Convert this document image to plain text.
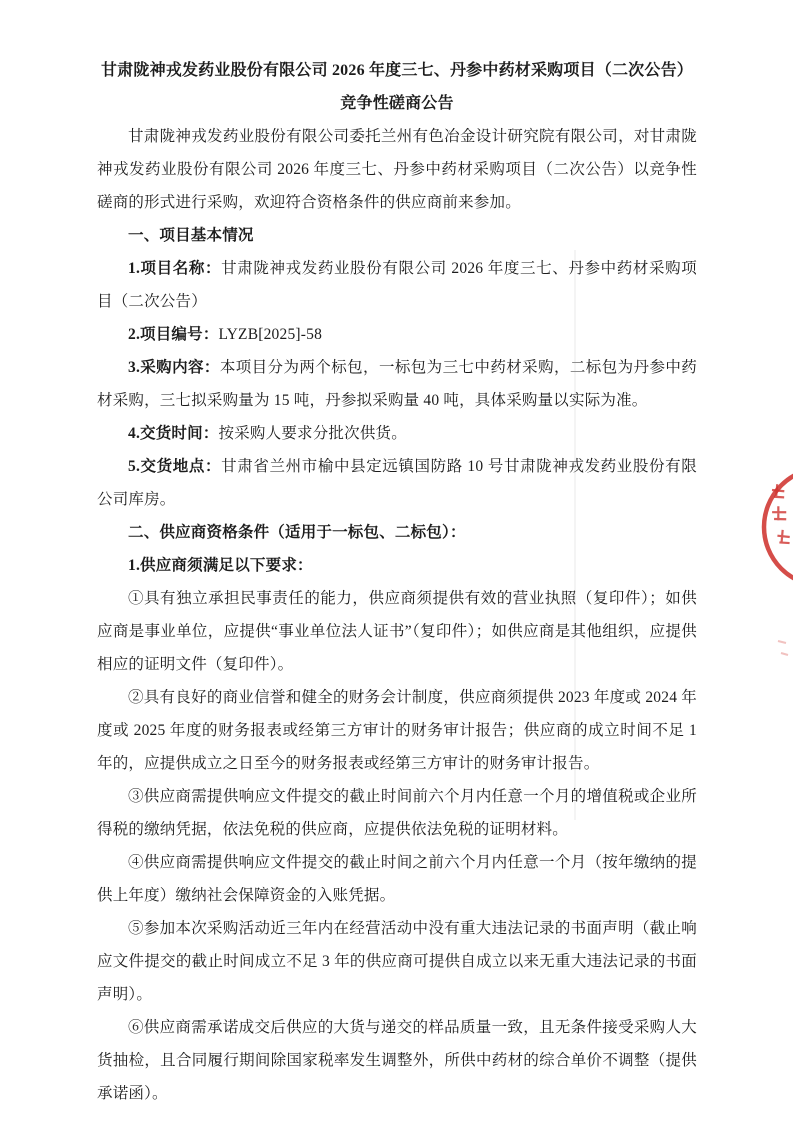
甘肃陇神戎发药业股份有限公司 2026 年度三七、丹参中药材采购项目（二次公告）

竞争性磋商公告

甘肃陇神戎发药业股份有限公司委托兰州有色冶金设计研究院有限公司，对甘肃陇神戎发药业股份有限公司 2026 年度三七、丹参中药材采购项目（二次公告）以竞争性磋商的形式进行采购，欢迎符合资格条件的供应商前来参加。

一、项目基本情况

1.项目名称：甘肃陇神戎发药业股份有限公司 2026 年度三七、丹参中药材采购项目（二次公告）

2.项目编号：LYZB[2025]-58

3.采购内容：本项目分为两个标包，一标包为三七中药材采购，二标包为丹参中药材采购，三七拟采购量为 15 吨，丹参拟采购量 40 吨，具体采购量以实际为准。

4.交货时间：按采购人要求分批次供货。

5.交货地点：甘肃省兰州市榆中县定远镇国防路 10 号甘肃陇神戎发药业股份有限公司库房。

二、供应商资格条件（适用于一标包、二标包）：

1.供应商须满足以下要求：

①具有独立承担民事责任的能力，供应商须提供有效的营业执照（复印件）；如供应商是事业单位，应提供“事业单位法人证书”（复印件）；如供应商是其他组织，应提供相应的证明文件（复印件）。

②具有良好的商业信誉和健全的财务会计制度，供应商须提供 2023 年度或 2024 年度或 2025 年度的财务报表或经第三方审计的财务审计报告；供应商的成立时间不足 1 年的，应提供成立之日至今的财务报表或经第三方审计的财务审计报告。

③供应商需提供响应文件提交的截止时间前六个月内任意一个月的增值税或企业所得税的缴纳凭据，依法免税的供应商，应提供依法免税的证明材料。

④供应商需提供响应文件提交的截止时间之前六个月内任意一个月（按年缴纳的提供上年度）缴纳社会保障资金的入账凭据。

⑤参加本次采购活动近三年内在经营活动中没有重大违法记录的书面声明（截止响应文件提交的截止时间成立不足 3 年的供应商可提供自成立以来无重大违法记录的书面声明）。

⑥供应商需承诺成交后供应的大货与递交的样品质量一致，且无条件接受采购人大货抽检，且合同履行期间除国家税率发生调整外，所供中药材的综合单价不调整（提供承诺函）。
